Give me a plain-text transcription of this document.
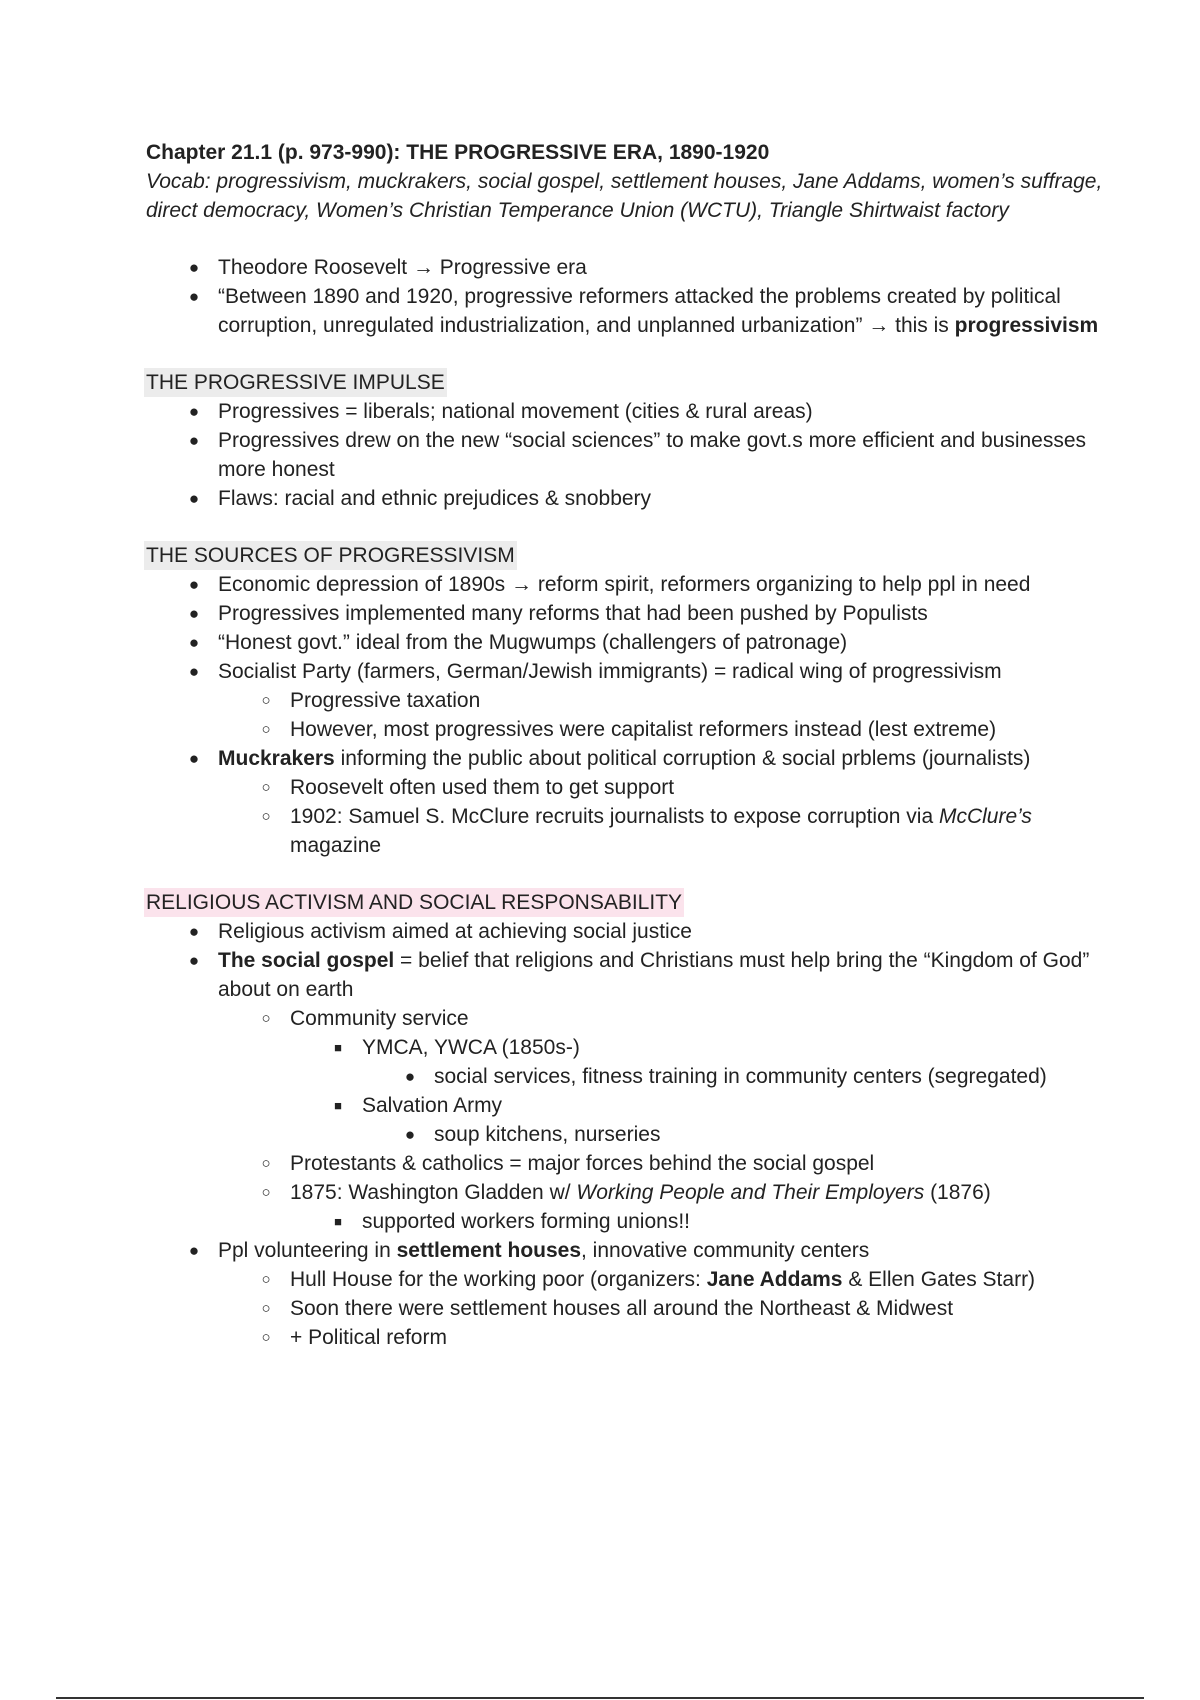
Chapter 21.1 (p. 973-990): THE PROGRESSIVE ERA, 1890-1920
Vocab: progressivism, muckrakers, social gospel, settlement houses, Jane Addams, women’s suffrage, direct democracy, Women’s Christian Temperance Union (WCTU), Triangle Shirtwaist factory
● Theodore Roosevelt → Progressive era
● “Between 1890 and 1920, progressive reformers attacked the problems created by political corruption, unregulated industrialization, and unplanned urbanization” → this is progressivism
THE PROGRESSIVE IMPULSE
● Progressives = liberals; national movement (cities & rural areas)
● Progressives drew on the new “social sciences” to make govt.s more efficient and businesses more honest
● Flaws: racial and ethnic prejudices & snobbery
THE SOURCES OF PROGRESSIVISM
● Economic depression of 1890s → reform spirit, reformers organizing to help ppl in need
● Progressives implemented many reforms that had been pushed by Populists
● “Honest govt.” ideal from the Mugwumps (challengers of patronage)
● Socialist Party (farmers, German/Jewish immigrants) = radical wing of progressivism
○ Progressive taxation
○ However, most progressives were capitalist reformers instead (lest extreme)
● Muckrakers informing the public about political corruption & social prblems (journalists)
○ Roosevelt often used them to get support
○ 1902: Samuel S. McClure recruits journalists to expose corruption via McClure’s magazine
RELIGIOUS ACTIVISM AND SOCIAL RESPONSABILITY
● Religious activism aimed at achieving social justice
● The social gospel = belief that religions and Christians must help bring the “Kingdom of God” about on earth
○ Community service
■ YMCA, YWCA (1850s-)
● social services, fitness training in community centers (segregated)
■ Salvation Army
● soup kitchens, nurseries
○ Protestants & catholics = major forces behind the social gospel
○ 1875: Washington Gladden w/ Working People and Their Employers (1876)
■ supported workers forming unions!!
● Ppl volunteering in settlement houses, innovative community centers
○ Hull House for the working poor (organizers: Jane Addams & Ellen Gates Starr)
○ Soon there were settlement houses all around the Northeast & Midwest
○ + Political reform
